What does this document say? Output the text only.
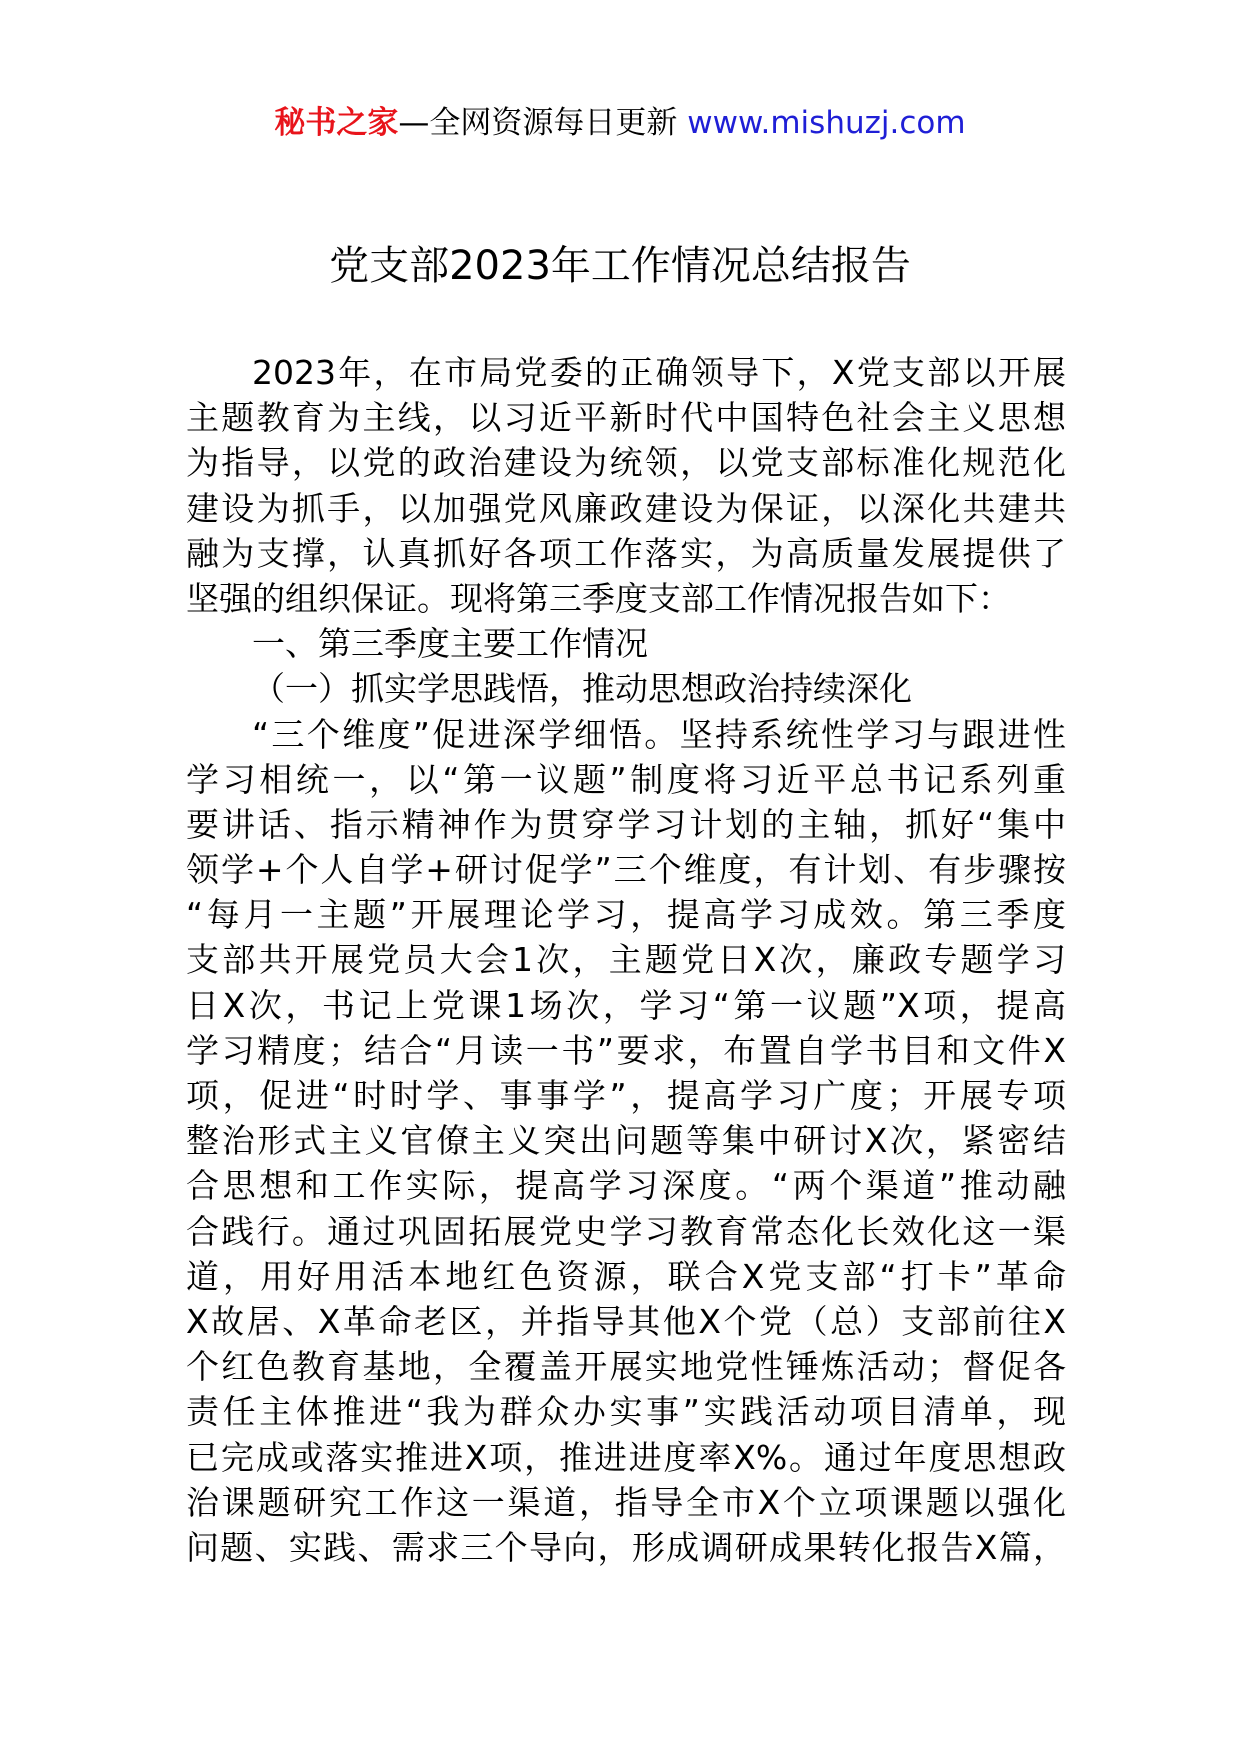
秘书之家—全网资源每日更新 www.mishuzj.com
党支部2023年工作情况总结报告
2023年，在市局党委的正确领导下，X党支部以开展
主题教育为主线，以习近平新时代中国特色社会主义思想
为指导，以党的政治建设为统领，以党支部标准化规范化
建设为抓手，以加强党风廉政建设为保证，以深化共建共
融为支撑，认真抓好各项工作落实，为高质量发展提供了
坚强的组织保证。现将第三季度支部工作情况报告如下：
一、第三季度主要工作情况
（一）抓实学思践悟，推动思想政治持续深化
“三个维度”促进深学细悟。坚持系统性学习与跟进性
学习相统一，以“第一议题”制度将习近平总书记系列重
要讲话、指示精神作为贯穿学习计划的主轴，抓好“集中
领学+个人自学+研讨促学”三个维度，有计划、有步骤按
“每月一主题”开展理论学习，提高学习成效。第三季度
支部共开展党员大会1次，主题党日X次，廉政专题学习
日X次，书记上党课1场次，学习“第一议题”X项，提高
学习精度；结合“月读一书”要求，布置自学书目和文件X
项，促进“时时学、事事学”，提高学习广度；开展专项
整治形式主义官僚主义突出问题等集中研讨X次，紧密结
合思想和工作实际，提高学习深度。“两个渠道”推动融
合践行。通过巩固拓展党史学习教育常态化长效化这一渠
道，用好用活本地红色资源，联合X党支部“打卡”革命
X故居、X革命老区，并指导其他X个党（总）支部前往X
个红色教育基地，全覆盖开展实地党性锤炼活动；督促各
责任主体推进“我为群众办实事”实践活动项目清单，现
已完成或落实推进X项，推进进度率X%。通过年度思想政
治课题研究工作这一渠道，指导全市X个立项课题以强化
问题、实践、需求三个导向，形成调研成果转化报告X篇，
